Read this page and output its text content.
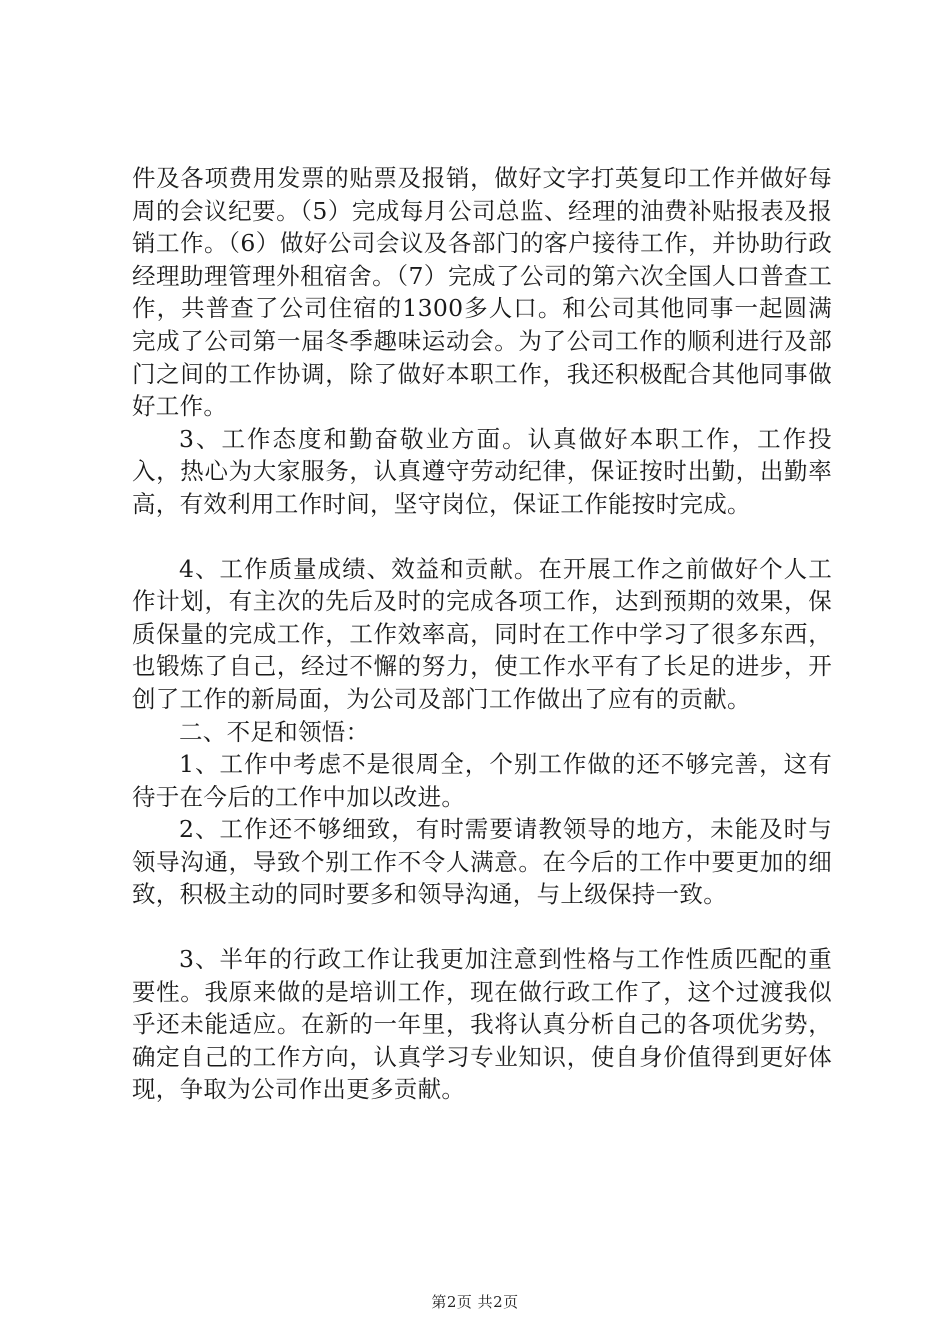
件及各项费用发票的贴票及报销，做好文字打英复印工作并做好每周的会议纪要。（5）完成每月公司总监、经理的油费补贴报表及报销工作。（6）做好公司会议及各部门的客户接待工作，并协助行政经理助理管理外租宿舍。（7）完成了公司的第六次全国人口普查工作，共普查了公司住宿的1300多人口。和公司其他同事一起圆满完成了公司第一届冬季趣味运动会。为了公司工作的顺利进行及部门之间的工作协调，除了做好本职工作，我还积极配合其他同事做好工作。

3、工作态度和勤奋敬业方面。认真做好本职工作，工作投入，热心为大家服务，认真遵守劳动纪律，保证按时出勤，出勤率高，有效利用工作时间，坚守岗位，保证工作能按时完成。

4、工作质量成绩、效益和贡献。在开展工作之前做好个人工作计划，有主次的先后及时的完成各项工作，达到预期的效果，保质保量的完成工作，工作效率高，同时在工作中学习了很多东西，也锻炼了自己，经过不懈的努力，使工作水平有了长足的进步，开创了工作的新局面，为公司及部门工作做出了应有的贡献。

二、不足和领悟：

1、工作中考虑不是很周全，个别工作做的还不够完善，这有待于在今后的工作中加以改进。

2、工作还不够细致，有时需要请教领导的地方，未能及时与领导沟通，导致个别工作不令人满意。在今后的工作中要更加的细致，积极主动的同时要多和领导沟通，与上级保持一致。

3、半年的行政工作让我更加注意到性格与工作性质匹配的重要性。我原来做的是培训工作，现在做行政工作了，这个过渡我似乎还未能适应。在新的一年里，我将认真分析自己的各项优劣势，确定自己的工作方向，认真学习专业知识，使自身价值得到更好体现，争取为公司作出更多贡献。

第2页 共2页
